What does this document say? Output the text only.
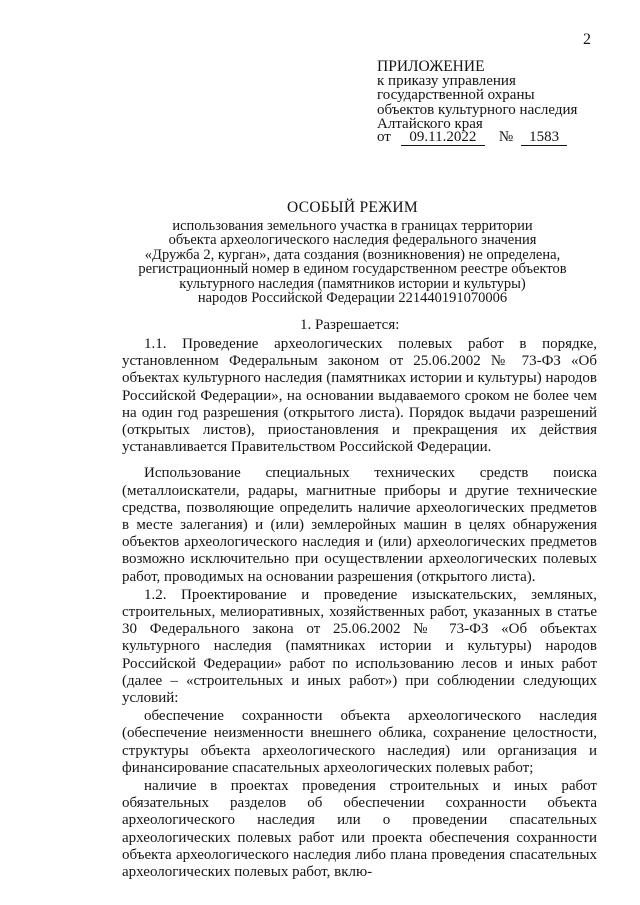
2
ПРИЛОЖЕНИЕ
к приказу управления
государственной охраны
объектов культурного наследия
Алтайского края
от 09.11.2022 № 1583
ОСОБЫЙ РЕЖИМ
использования земельного участка в границах территории
объекта археологического наследия федерального значения
«Дружба 2, курган», дата создания (возникновения) не определена,
регистрационный номер в едином государственном реестре объектов
культурного наследия (памятников истории и культуры)
народов Российской Федерации 221440191070006
1. Разрешается:

1.1. Проведение археологических полевых работ в порядке, установленном Федеральным законом от 25.06.2002 № 73-ФЗ «Об объектах культурного наследия (памятниках истории и культуры) народов Российской Федерации», на основании выдаваемого сроком не более чем на один год разрешения (открытого листа). Порядок выдачи разрешений (открытых листов), приостановления и прекращения их действия устанавливается Правительством Российской Федерации.

Использование специальных технических средств поиска (металлоискатели, радары, магнитные приборы и другие технические средства, позволяющие определить наличие археологических предметов в месте залегания) и (или) землеройных машин в целях обнаружения объектов археологического наследия и (или) археологических предметов возможно исключительно при осуществлении археологических полевых работ, проводимых на основании разрешения (открытого листа).

1.2. Проектирование и проведение изыскательских, земляных, строительных, мелиоративных, хозяйственных работ, указанных в статье 30 Федерального закона от 25.06.2002 № 73-ФЗ «Об объектах культурного наследия (памятниках истории и культуры) народов Российской Федерации» работ по использованию лесов и иных работ (далее – «строительных и иных работ») при соблюдении следующих условий:

обеспечение сохранности объекта археологического наследия (обеспечение неизменности внешнего облика, сохранение целостности, структуры объекта археологического наследия) или организация и финансирование спасательных археологических полевых работ;

наличие в проектах проведения строительных и иных работ обязательных разделов об обеспечении сохранности объекта археологического наследия или о проведении спасательных археологических полевых работ или проекта обеспечения сохранности объекта археологического наследия либо плана проведения спасательных археологических полевых работ, вклю-
